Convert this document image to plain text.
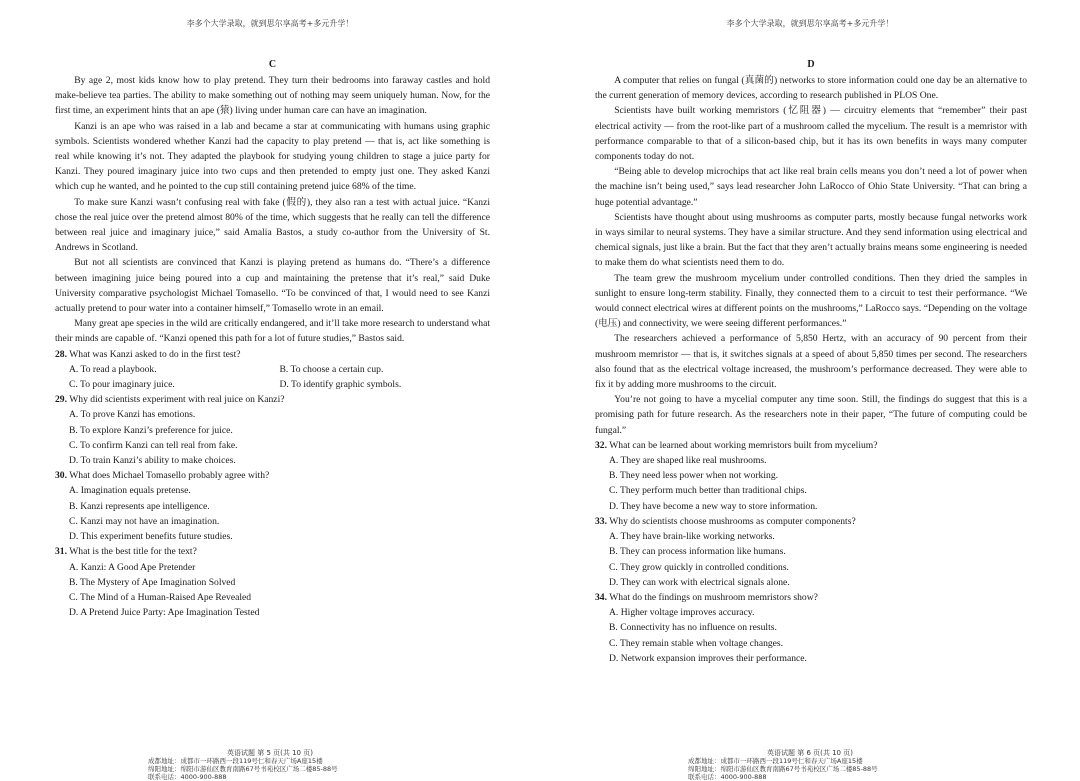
李多个大学录取，就到思尔享高考+多元升学！
C

By age 2, most kids know how to play pretend. They turn their bedrooms into faraway castles and hold make-believe tea parties. The ability to make something out of nothing may seem uniquely human. Now, for the first time, an experiment hints that an ape (猿) living under human care can have an imagination.

Kanzi is an ape who was raised in a lab and became a star at communicating with humans using graphic symbols. Scientists wondered whether Kanzi had the capacity to play pretend — that is, act like something is real while knowing it’s not. They adapted the playbook for studying young children to stage a juice party for Kanzi. They poured imaginary juice into two cups and then pretended to empty just one. They asked Kanzi which cup he wanted, and he pointed to the cup still containing pretend juice 68% of the time.

To make sure Kanzi wasn’t confusing real with fake (假的), they also ran a test with actual juice. “Kanzi chose the real juice over the pretend almost 80% of the time, which suggests that he really can tell the difference between real juice and imaginary juice,” said Amalia Bastos, a study co-author from the University of St. Andrews in Scotland.

But not all scientists are convinced that Kanzi is playing pretend as humans do. “There’s a difference between imagining juice being poured into a cup and maintaining the pretense that it’s real,” said Duke University comparative psychologist Michael Tomasello. “To be convinced of that, I would need to see Kanzi actually pretend to pour water into a container himself,” Tomasello wrote in an email.

Many great ape species in the wild are critically endangered, and it’ll take more research to understand what their minds are capable of. “Kanzi opened this path for a lot of future studies,” Bastos said.

28. What was Kanzi asked to do in the first test?
A. To read a playbook.	B. To choose a certain cup.
C. To pour imaginary juice.	D. To identify graphic symbols.
29. Why did scientists experiment with real juice on Kanzi?
A. To prove Kanzi has emotions.
B. To explore Kanzi’s preference for juice.
C. To confirm Kanzi can tell real from fake.
D. To train Kanzi’s ability to make choices.
30. What does Michael Tomasello probably agree with?
A. Imagination equals pretense.
B. Kanzi represents ape intelligence.
C. Kanzi may not have an imagination.
D. This experiment benefits future studies.
31. What is the best title for the text?
A. Kanzi: A Good Ape Pretender
B. The Mystery of Ape Imagination Solved
C. The Mind of a Human-Raised Ape Revealed
D. A Pretend Juice Party: Ape Imagination Tested
英语试题 第 5 页(共 10 页)
成都地址：成都市一环路西一段119号仁和春天广场A座15楼
绵阳地址：绵阳市游仙区教育南路67号书苑校区广场二楼85-88号
联系电话：4000-900-888
李多个大学录取，就到思尔享高考+多元升学！
D

A computer that relies on fungal (真菌的) networks to store information could one day be an alternative to the current generation of memory devices, according to research published in PLOS One.

Scientists have built working memristors (忆阻器) — circuitry elements that “remember” their past electrical activity — from the root-like part of a mushroom called the mycelium. The result is a memristor with performance comparable to that of a silicon-based chip, but it has its own benefits in ways many computer components today do not.

“Being able to develop microchips that act like real brain cells means you don’t need a lot of power when the machine isn’t being used,” says lead researcher John LaRocco of Ohio State University. “That can bring a huge potential advantage.”

Scientists have thought about using mushrooms as computer parts, mostly because fungal networks work in ways similar to neural systems. They have a similar structure. And they send information using electrical and chemical signals, just like a brain. But the fact that they aren’t actually brains means some engineering is needed to make them do what scientists need them to do.

The team grew the mushroom mycelium under controlled conditions. Then they dried the samples in sunlight to ensure long-term stability. Finally, they connected them to a circuit to test their performance. “We would connect electrical wires at different points on the mushrooms,” LaRocco says. “Depending on the voltage (电压) and connectivity, we were seeing different performances.”

The researchers achieved a performance of 5,850 Hertz, with an accuracy of 90 percent from their mushroom memristor — that is, it switches signals at a speed of about 5,850 times per second. The researchers also found that as the electrical voltage increased, the mushroom’s performance decreased. They were able to fix it by adding more mushrooms to the circuit.

You’re not going to have a mycelial computer any time soon. Still, the findings do suggest that this is a promising path for future research. As the researchers note in their paper, “The future of computing could be fungal.”

32. What can be learned about working memristors built from mycelium?
A. They are shaped like real mushrooms.
B. They need less power when not working.
C. They perform much better than traditional chips.
D. They have become a new way to store information.
33. Why do scientists choose mushrooms as computer components?
A. They have brain-like working networks.
B. They can process information like humans.
C. They grow quickly in controlled conditions.
D. They can work with electrical signals alone.
34. What do the findings on mushroom memristors show?
A. Higher voltage improves accuracy.
B. Connectivity has no influence on results.
C. They remain stable when voltage changes.
D. Network expansion improves their performance.
英语试题 第 6 页(共 10 页)
成都地址：成都市一环路西一段119号仁和春天广场A座15楼
绵阳地址：绵阳市游仙区教育南路67号书苑校区广场二楼85-88号
联系电话：4000-900-888
